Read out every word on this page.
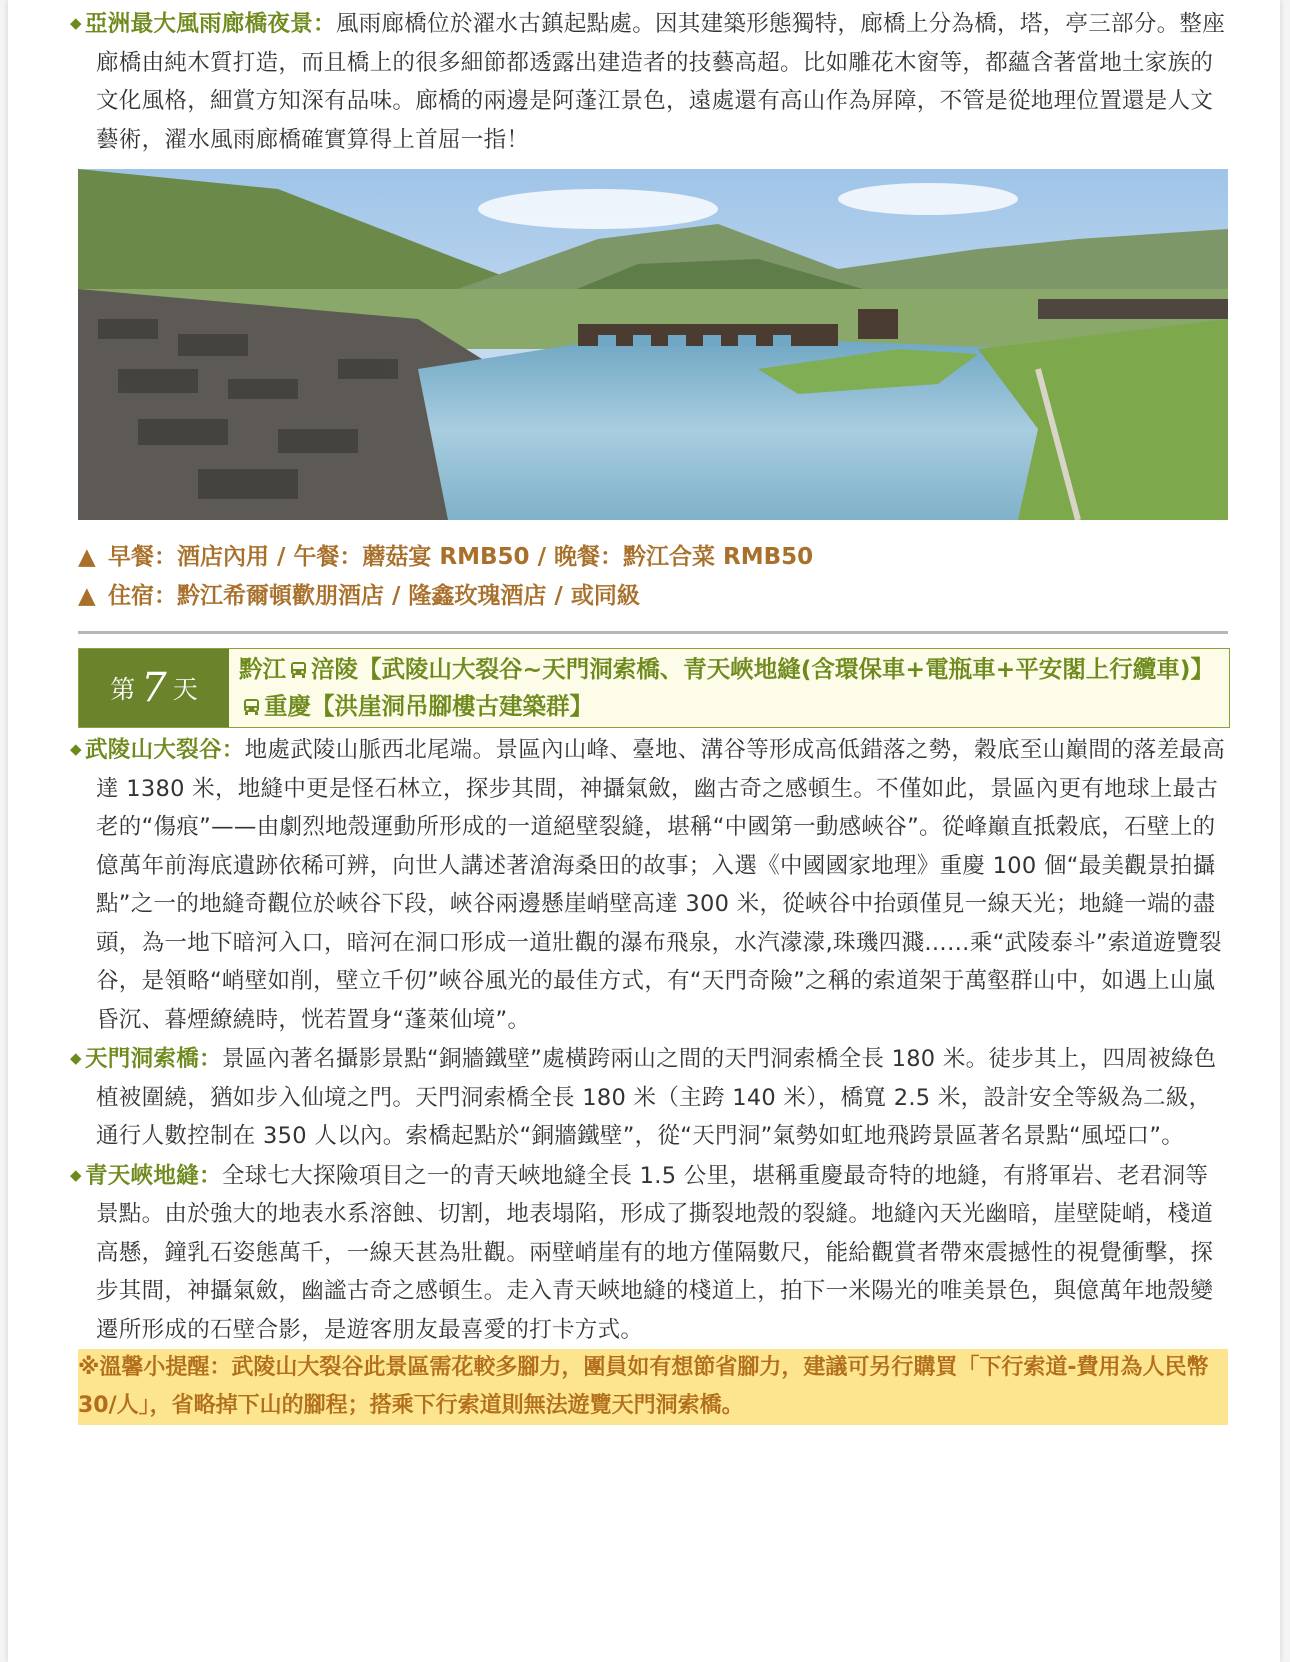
◆ 亞洲最大風雨廊橋夜景：風雨廊橋位於濯水古鎮起點處。因其建築形態獨特，廊橋上分為橋，塔，亭三部分。整座廊橋由純木質打造，而且橋上的很多細節都透露出建造者的技藝高超。比如雕花木窗等，都蘊含著當地土家族的文化風格，細賞方知深有品味。廊橋的兩邊是阿蓬江景色，遠處還有高山作為屏障，不管是從地理位置還是人文藝術，濯水風雨廊橋確實算得上首屈一指！

▲ 早餐：酒店內用 / 午餐：蘑菇宴 RMB50 / 晚餐：黔江合菜 RMB50
▲ 住宿：黔江希爾頓歡朋酒店 / 隆鑫玫瑰酒店 / 或同級
第 7 天
黔江 涪陵【武陵山大裂谷~天門洞索橋、青天峽地縫(含環保車+電瓶車+平安閣上行纜車)】重慶【洪崖洞吊腳樓古建築群】

◆ 武陵山大裂谷：地處武陵山脈西北尾端。景區內山峰、臺地、溝谷等形成高低錯落之勢，穀底至山巔間的落差最高達 1380 米，地縫中更是怪石林立，探步其間，神攝氣斂，幽古奇之感頓生。不僅如此，景區內更有地球上最古老的“傷痕”——由劇烈地殼運動所形成的一道絕壁裂縫，堪稱“中國第一動感峽谷”。從峰巔直抵穀底，石壁上的億萬年前海底遺跡依稀可辨，向世人講述著滄海桑田的故事；入選《中國國家地理》重慶 100 個“最美觀景拍攝點”之一的地縫奇觀位於峽谷下段，峽谷兩邊懸崖峭壁高達 300 米，從峽谷中抬頭僅見一線天光；地縫一端的盡頭，為一地下暗河入口，暗河在洞口形成一道壯觀的瀑布飛泉，水汽濛濛,珠璣四濺……乘“武陵泰斗”索道遊覽裂谷，是領略“峭壁如削，壁立千仞”峽谷風光的最佳方式，有“天門奇險”之稱的索道架于萬壑群山中，如遇上山嵐昏沉、暮煙繚繞時，恍若置身“蓬萊仙境”。

◆ 天門洞索橋：景區內著名攝影景點“銅牆鐵壁”處橫跨兩山之間的天門洞索橋全長 180 米。徒步其上，四周被綠色植被圍繞，猶如步入仙境之門。天門洞索橋全長 180 米（主跨 140 米），橋寬 2.5 米，設計安全等級為二級，通行人數控制在 350 人以內。索橋起點於“銅牆鐵壁”，從“天門洞”氣勢如虹地飛跨景區著名景點“風埡口”。

◆ 青天峽地縫：全球七大探險項目之一的青天峽地縫全長 1.5 公里，堪稱重慶最奇特的地縫，有將軍岩、老君洞等景點。由於強大的地表水系溶蝕、切割，地表塌陷，形成了撕裂地殼的裂縫。地縫內天光幽暗，崖壁陡峭，棧道高懸，鐘乳石姿態萬千，一線天甚為壯觀。兩壁峭崖有的地方僅隔數尺，能給觀賞者帶來震撼性的視覺衝擊，探步其間，神攝氣斂，幽謐古奇之感頓生。走入青天峽地縫的棧道上，拍下一米陽光的唯美景色，與億萬年地殼變遷所形成的石壁合影，是遊客朋友最喜愛的打卡方式。

※溫馨小提醒：武陵山大裂谷此景區需花較多腳力，團員如有想節省腳力，建議可另行購買「下行索道-費用為人民幣 30/人」，省略掉下山的腳程；搭乘下行索道則無法遊覽天門洞索橋。
